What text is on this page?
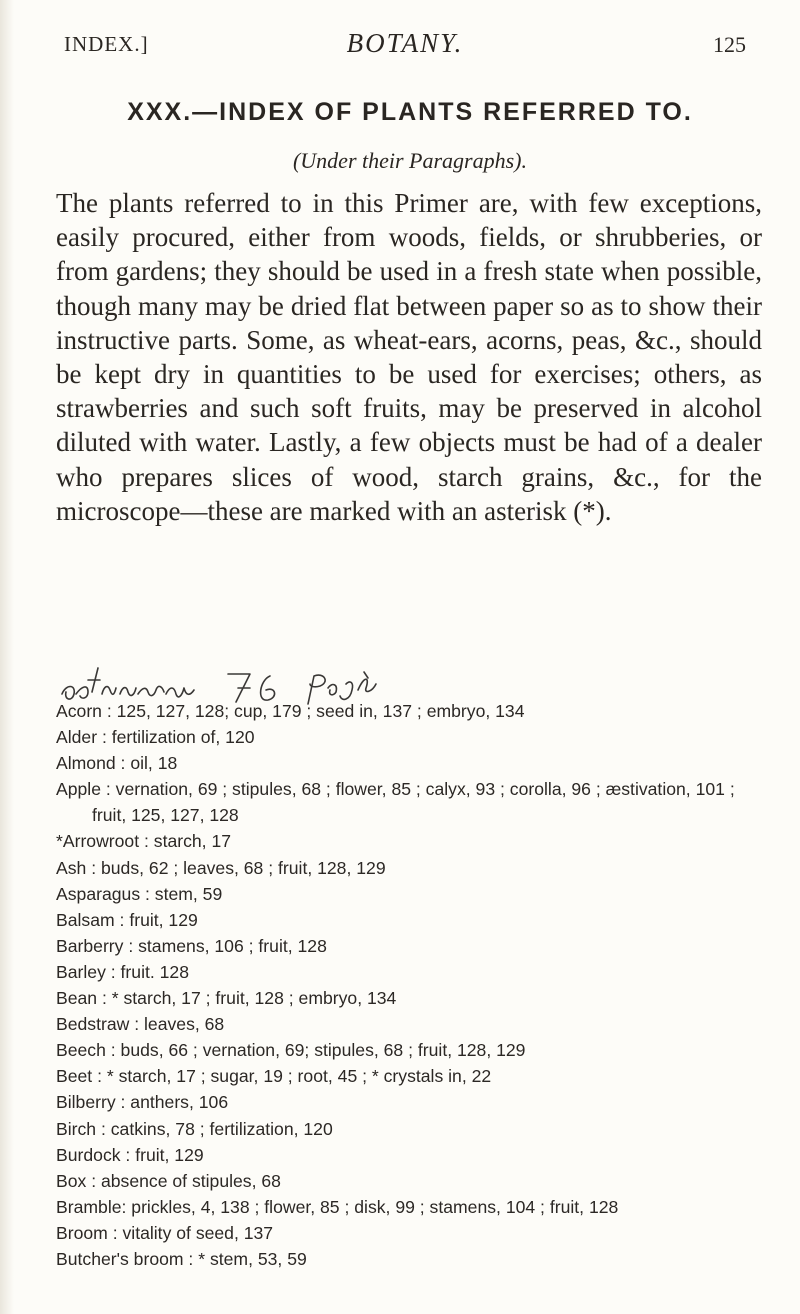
INDEX.]	BOTANY.	125
XXX.—INDEX OF PLANTS REFERRED TO.
(Under their Paragraphs).

The plants referred to in this Primer are, with few exceptions, easily procured, either from woods, fields, or shrubberies, or from gardens; they should be used in a fresh state when possible, though many may be dried flat between paper so as to show their instructive parts. Some, as wheat-ears, acorns, peas, &c., should be kept dry in quantities to be used for exercises; others, as strawberries and such soft fruits, may be preserved in alcohol diluted with water. Lastly, a few objects must be had of a dealer who prepares slices of wood, starch grains, &c., for the microscope—these are marked with an asterisk (*).

Acorn : 125, 127, 128; cup, 179 ; seed in, 137 ; embryo, 134
Alder : fertilization of, 120
Almond : oil, 18
Apple : vernation, 69 ; stipules, 68 ; flower, 85 ; calyx, 93 ; corolla, 96 ; æstivation, 101 ; fruit, 125, 127, 128
*Arrowroot : starch, 17
Ash : buds, 62 ; leaves, 68 ; fruit, 128, 129
Asparagus : stem, 59
Balsam : fruit, 129
Barberry : stamens, 106 ; fruit, 128
Barley : fruit. 128
Bean : * starch, 17 ; fruit, 128 ; embryo, 134
Bedstraw : leaves, 68
Beech : buds, 66 ; vernation, 69; stipules, 68 ; fruit, 128, 129
Beet : * starch, 17 ; sugar, 19 ; root, 45 ; * crystals in, 22
Bilberry : anthers, 106
Birch : catkins, 78 ; fertilization, 120
Burdock : fruit, 129
Box : absence of stipules, 68
Bramble: prickles, 4, 138 ; flower, 85 ; disk, 99 ; stamens, 104 ; fruit, 128
Broom : vitality of seed, 137
Butcher's broom : * stem, 53, 59
